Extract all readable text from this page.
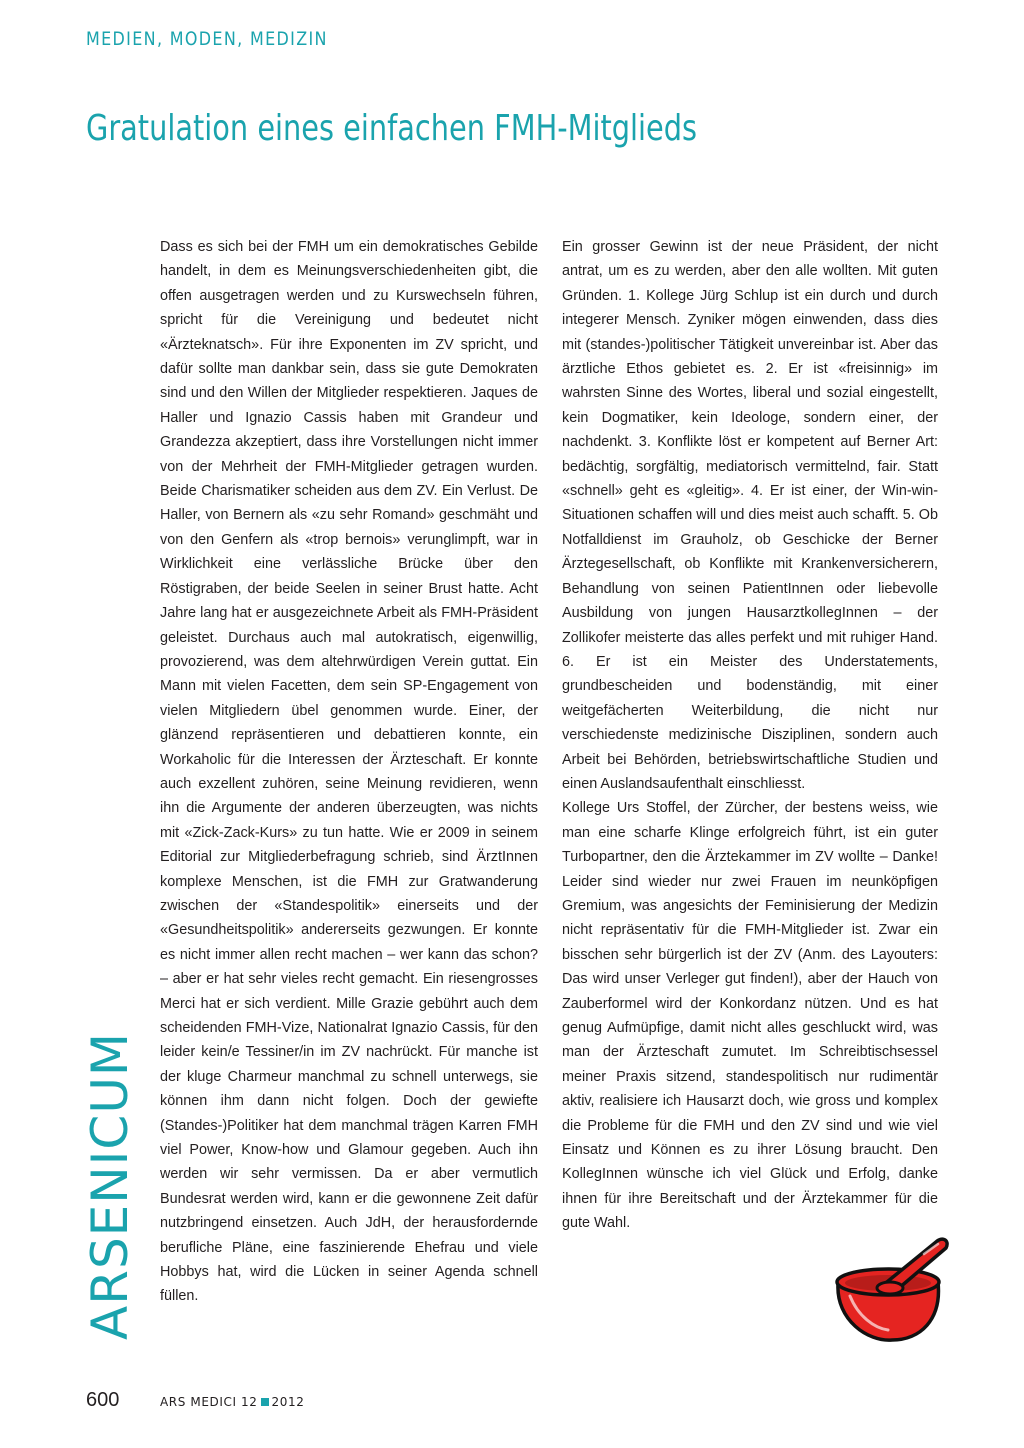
MEDIEN, MODEN, MEDIZIN
Gratulation eines einfachen FMH-Mitglieds

Dass es sich bei der FMH um ein demokratisches Gebilde handelt, in dem es Meinungsverschiedenheiten gibt, die offen ausgetragen werden und zu Kurswechseln führen, spricht für die Vereinigung und bedeutet nicht «Ärzteknatsch». Für ihre Exponenten im ZV spricht, und dafür sollte man dankbar sein, dass sie gute Demokraten sind und den Willen der Mitglieder respektieren. Jaques de Haller und Ignazio Cassis haben mit Grandeur und Grandezza akzeptiert, dass ihre Vorstellungen nicht immer von der Mehrheit der FMH-Mitglieder getragen wurden. Beide Charismatiker scheiden aus dem ZV. Ein Verlust. De Haller, von Bernern als «zu sehr Romand» geschmäht und von den Genfern als «trop bernois» verunglimpft, war in Wirklichkeit eine verlässliche Brücke über den Röstigraben, der beide Seelen in seiner Brust hatte. Acht Jahre lang hat er ausgezeichnete Arbeit als FMH-Präsident geleistet. Durchaus auch mal autokratisch, eigenwillig, provozierend, was dem altehrwürdigen Verein guttat. Ein Mann mit vielen Facetten, dem sein SP-Engagement von vielen Mitgliedern übel genommen wurde. Einer, der glänzend repräsentieren und debattieren konnte, ein Workaholic für die Interessen der Ärzteschaft. Er konnte auch exzellent zuhören, seine Meinung revidieren, wenn ihn die Argumente der anderen überzeugten, was nichts mit «Zick-Zack-Kurs» zu tun hatte. Wie er 2009 in seinem Editorial zur Mitgliederbefragung schrieb, sind ÄrztInnen komplexe Menschen, ist die FMH zur Gratwanderung zwischen der «Standespolitik» einerseits und der «Gesundheitspolitik» andererseits gezwungen. Er konnte es nicht immer allen recht machen – wer kann das schon? – aber er hat sehr vieles recht gemacht. Ein riesengrosses Merci hat er sich verdient. Mille Grazie gebührt auch dem scheidenden FMH-Vize, Nationalrat Ignazio Cassis, für den leider kein/e Tessiner/in im ZV nachrückt. Für manche ist der kluge Charmeur manchmal zu schnell unterwegs, sie können ihm dann nicht folgen. Doch der gewiefte (Standes-)Politiker hat dem manchmal trägen Karren FMH viel Power, Know-how und Glamour gegeben. Auch ihn werden wir sehr vermissen. Da er aber vermutlich Bundesrat werden wird, kann er die gewonnene Zeit dafür nutzbringend einsetzen. Auch JdH, der herausfordernde berufliche Pläne, eine faszinierende Ehefrau und viele Hobbys hat, wird die Lücken in seiner Agenda schnell füllen.

Ein grosser Gewinn ist der neue Präsident, der nicht antrat, um es zu werden, aber den alle wollten. Mit guten Gründen. 1. Kollege Jürg Schlup ist ein durch und durch integerer Mensch. Zyniker mögen einwenden, dass dies mit (standes-)politischer Tätigkeit unvereinbar ist. Aber das ärztliche Ethos gebietet es. 2. Er ist «freisinnig» im wahrsten Sinne des Wortes, liberal und sozial eingestellt, kein Dogmatiker, kein Ideologe, sondern einer, der nachdenkt. 3. Konflikte löst er kompetent auf Berner Art: bedächtig, sorgfältig, mediatorisch vermittelnd, fair. Statt «schnell» geht es «gleitig». 4. Er ist einer, der Win-win-Situationen schaffen will und dies meist auch schafft. 5. Ob Notfalldienst im Grauholz, ob Geschicke der Berner Ärztegesellschaft, ob Konflikte mit Krankenversicherern, Behandlung von seinen PatientInnen oder liebevolle Ausbildung von jungen HausarztkollegInnen – der Zollikofer meisterte das alles perfekt und mit ruhiger Hand. 6. Er ist ein Meister des Understatements, grundbescheiden und bodenständig, mit einer weitgefächerten Weiterbildung, die nicht nur verschiedenste medizinische Disziplinen, sondern auch Arbeit bei Behörden, betriebswirtschaftliche Studien und einen Auslandsaufenthalt einschliesst.

Kollege Urs Stoffel, der Zürcher, der bestens weiss, wie man eine scharfe Klinge erfolgreich führt, ist ein guter Turbopartner, den die Ärztekammer im ZV wollte – Danke! Leider sind wieder nur zwei Frauen im neunköpfigen Gremium, was angesichts der Feminisierung der Medizin nicht repräsentativ für die FMH-Mitglieder ist. Zwar ein bisschen sehr bürgerlich ist der ZV (Anm. des Layouters: Das wird unser Verleger gut finden!), aber der Hauch von Zauberformel wird der Konkordanz nützen. Und es hat genug Aufmüpfige, damit nicht alles geschluckt wird, was man der Ärzteschaft zumutet. Im Schreibtischsessel meiner Praxis sitzend, standespolitisch nur rudimentär aktiv, realisiere ich Hausarzt doch, wie gross und komplex die Probleme für die FMH und den ZV sind und wie viel Einsatz und Können es zu ihrer Lösung braucht. Den KollegInnen wünsche ich viel Glück und Erfolg, danke ihnen für ihre Bereitschaft und der Ärztekammer für die gute Wahl.

ARSENICUM
600	ARS MEDICI 12 2012
